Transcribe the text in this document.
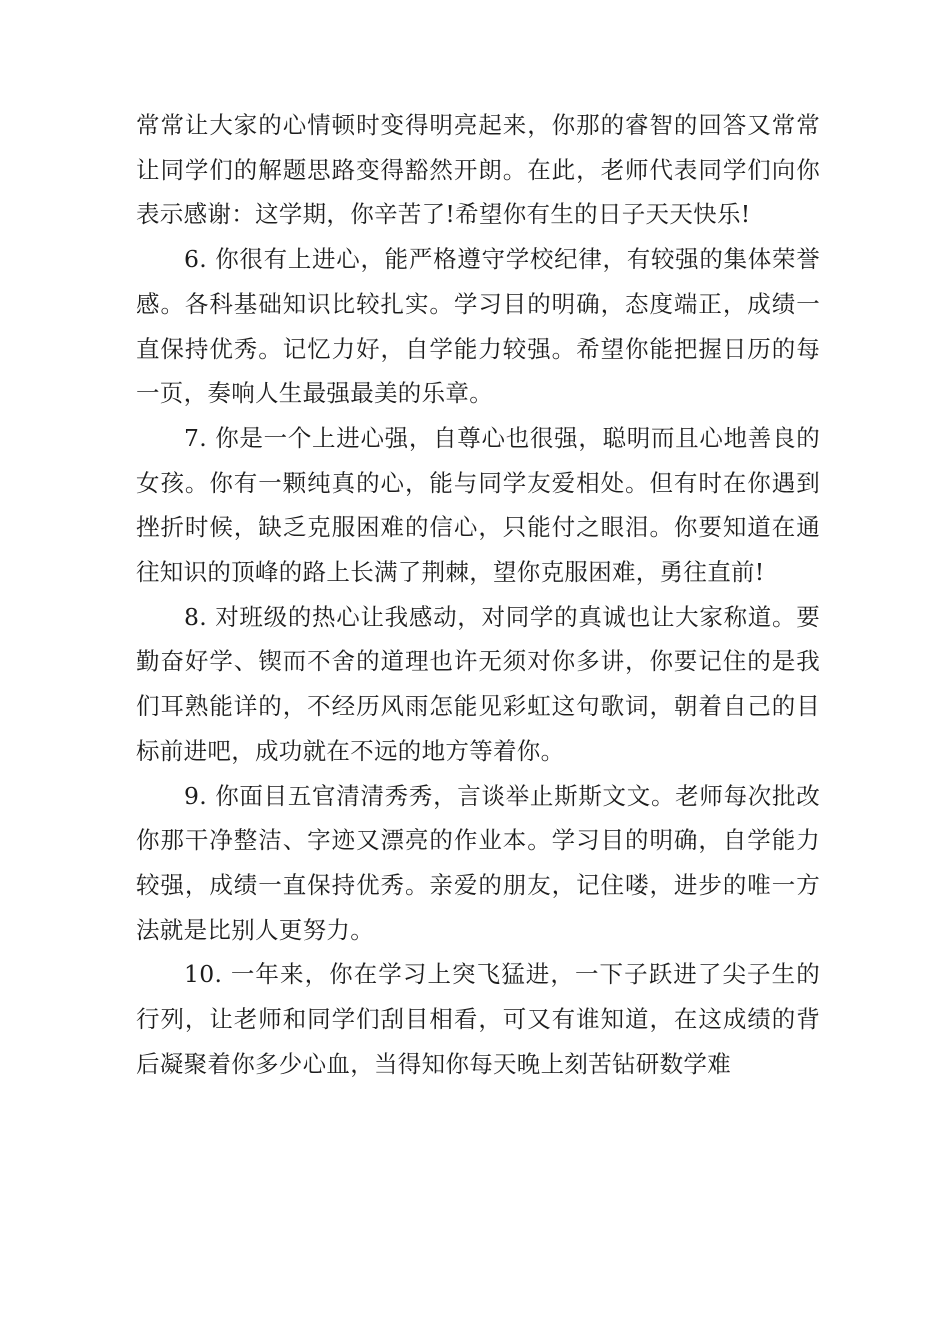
常常让大家的心情顿时变得明亮起来，你那的睿智的回答又常常让同学们的解题思路变得豁然开朗。在此，老师代表同学们向你表示感谢：这学期，你辛苦了!希望你有生的日子天天快乐!

6. 你很有上进心，能严格遵守学校纪律，有较强的集体荣誉感。各科基础知识比较扎实。学习目的明确，态度端正，成绩一直保持优秀。记忆力好，自学能力较强。希望你能把握日历的每一页，奏响人生最强最美的乐章。

7. 你是一个上进心强，自尊心也很强，聪明而且心地善良的女孩。你有一颗纯真的心，能与同学友爱相处。但有时在你遇到挫折时候，缺乏克服困难的信心，只能付之眼泪。你要知道在通往知识的顶峰的路上长满了荆棘，望你克服困难，勇往直前!

8. 对班级的热心让我感动，对同学的真诚也让大家称道。要勤奋好学、锲而不舍的道理也许无须对你多讲，你要记住的是我们耳熟能详的，不经历风雨怎能见彩虹这句歌词，朝着自己的目标前进吧，成功就在不远的地方等着你。

9. 你面目五官清清秀秀，言谈举止斯斯文文。老师每次批改你那干净整洁、字迹又漂亮的作业本。学习目的明确，自学能力较强，成绩一直保持优秀。亲爱的朋友，记住喽，进步的唯一方法就是比别人更努力。

10. 一年来，你在学习上突飞猛进，一下子跃进了尖子生的行列，让老师和同学们刮目相看，可又有谁知道，在这成绩的背后凝聚着你多少心血，当得知你每天晚上刻苦钻研数学难
